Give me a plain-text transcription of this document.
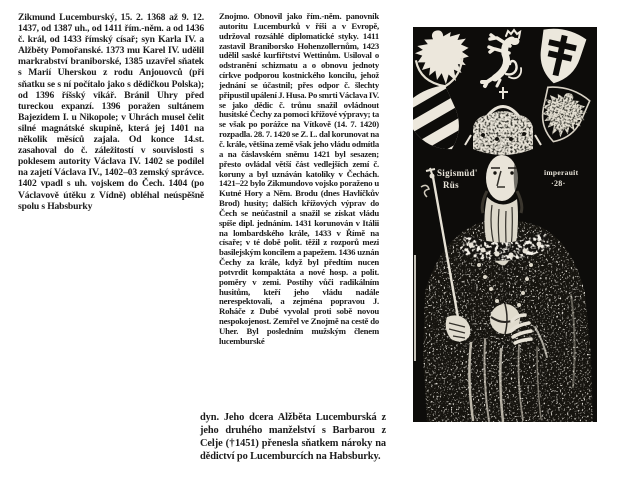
Zikmund Lucemburský, 15. 2. 1368 až 9. 12. 1437, od 1387 uh., od 1411 řím.-něm. a od 1436 č. král, od 1433 římský císař; syn Karla IV. a Alžběty Pomořanské. 1373 mu Karel IV. udělil markrabství braniborské, 1385 uzavřel sňatek s Marií Uherskou z rodu Anjouovců (při sňatku se s ní počítalo jako s dědičkou Polska); od 1396 říšský vikář. Bránil Uhry před tureckou expanzí. 1396 poražen sultánem Bajezidem I. u Nikopole; v Uhrách musel čelit silné magnátské skupině, která jej 1401 na několik měsíců zajala. Od konce 14.st. zasahoval do č. záležitostí v souvislosti s poklesem autority Václava IV. 1402 se podílel na zajetí Václava IV., 1402–03 zemský správce. 1402 vpadl s uh. vojskem do Čech. 1404 (po Václavově útěku z Vídně) obléhal neúspěšně spolu s Habsburky

Znojmo. Obnovil jako řím.-něm. panovník autoritu Lucemburků v říši a v Evropě, udržoval rozsáhlé diplomatické styky. 1411 zastavil Braniborsko Hohenzollernům, 1423 udělil saské kurfiřtství Wettinům. Usiloval o odstranění schizmatu a o obnovu jednoty církve podporou kostnického koncilu, jehož jednání se účastnil; přes odpor č. šlechty připustil upálení J. Husa. Po smrti Václava IV. se jako dědic č. trůnu snažil ovládnout husitské Čechy za pomoci křížové výpravy; ta se však po porážce na Vítkově (14. 7. 1420) rozpadla. 28. 7. 1420 se Z. L. dal korunovat na č. krále, většina země však jeho vládu odmítla a na čáslavském sněmu 1421 byl sesazen; přesto ovládal větší část vedlejších zemí č. koruny a byl uznáván katolíky v Čechách. 1421–22 bylo Zikmundovo vojsko poraženo u Kutné Hory a Něm. Brodu (dnes Havlíčkův Brod) husity; dalších křížových výprav do Čech se neúčastnil a snažil se získat vládu spíše dipl. jednáním. 1431 korunován v Itálii na lombardského krále, 1433 v Římě na císaře; v té době polit. těžil z rozporů mezi basilejským koncilem a papežem. 1436 uznán Čechy za krále, když byl předtím nucen potvrdit kompaktáta a nové hosp. a polit. poměry v zemi. Postihy vůči radikálním husitům, kteří jeho vládu nadále nerespektovali, a zejména popravou J. Roháče z Dubé vyvolal proti sobě novou nespokojenost. Zemřel ve Znojmě na cestě do Uher. Byl posledním mužským členem lucemburské

dyn. Jeho dcera Alžběta Lucemburská z jeho druhého manželství s Barbarou z Celje (†1451) přenesla sňatkem nároky na dědictví po Lucemburcích na Habsburky.

Sigismüd'
Rüs
imperauit
·28·
